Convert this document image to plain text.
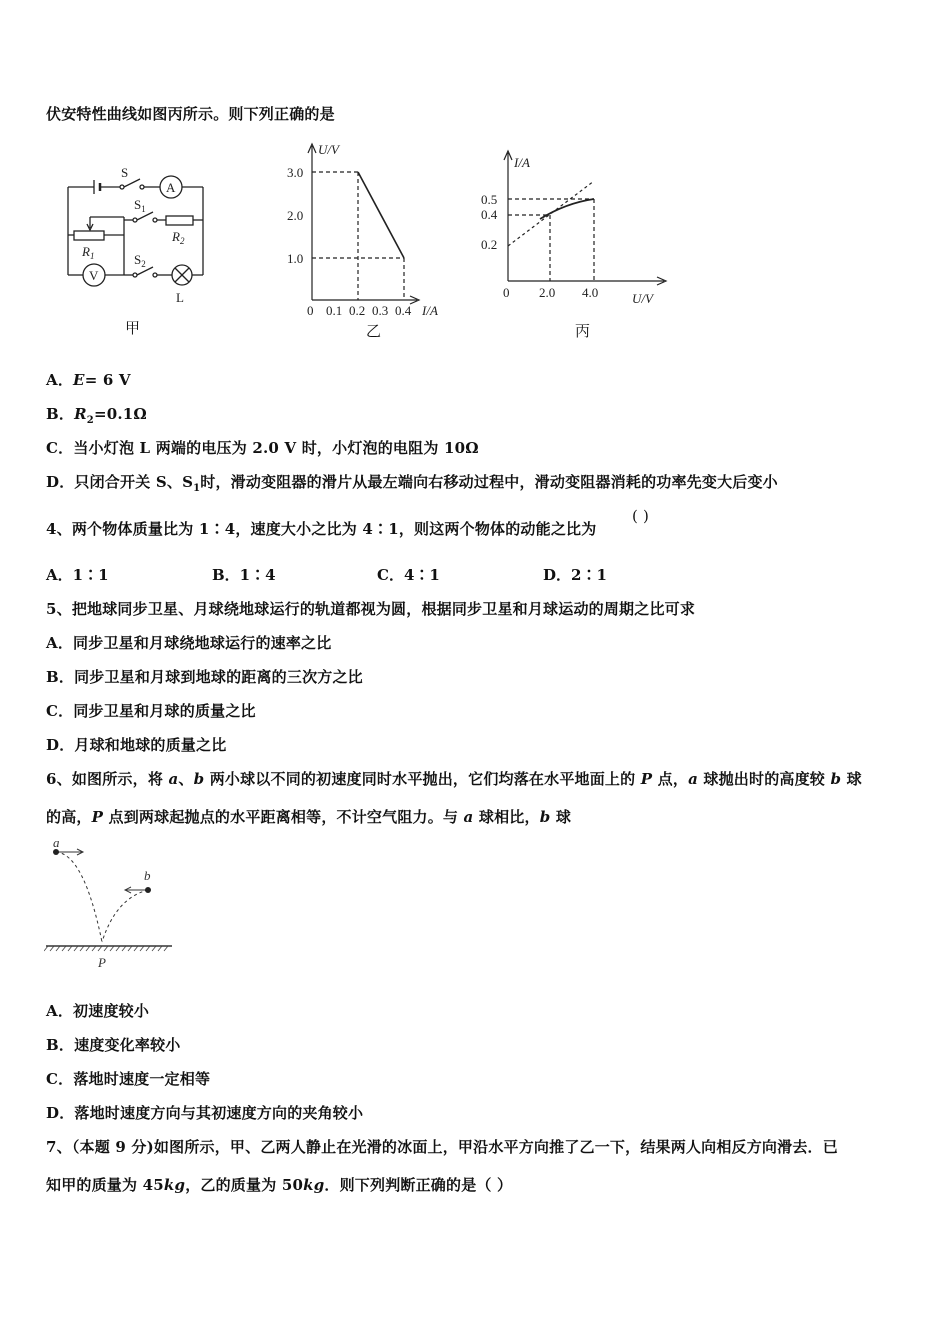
伏安特性曲线如图丙所示。则下列正确的是
S
A
$S_1$
$R_2$
$R_1$
V
$S_2$
L
甲
U/V
3.0
2.0
1.0
0 0.1 0.2 0.3 0.4 I/A
乙
I/A
0.5
0.4
0.2
0 2.0 4.0	U/V
丙
A．E= 6 V
B．$R_2=0.1\Omega$
C．当小灯泡 L 两端的电压为 2.0 V 时，小灯泡的电阻为 10Ω
D．只闭合开关 S、$S_1$时，滑动变阻器的滑片从最左端向右移动过程中，滑动变阻器消耗的功率先变大后变小
4、两个物体质量比为 1∶4，速度大小之比为 4∶1，则这两个物体的动能之比为
( )
A．1∶1	B．1∶4	C．4∶1	D．2∶1
5、把地球同步卫星、月球绕地球运行的轨道都视为圆，根据同步卫星和月球运动的周期之比可求
A．同步卫星和月球绕地球运行的速率之比
B．同步卫星和月球到地球的距离的三次方之比
C．同步卫星和月球的质量之比
D．月球和地球的质量之比
6、如图所示，将 a、b 两小球以不同的初速度同时水平抛出，它们均落在水平地面上的 P 点，a 球抛出时的高度较 b 球
的高，P 点到两球起抛点的水平距离相等，不计空气阻力。与 a 球相比，b 球
a
b
P
A．初速度较小
B．速度变化率较小
C．落地时速度一定相等
D．落地时速度方向与其初速度方向的夹角较小
7、（本题 9 分)如图所示，甲、乙两人静止在光滑的冰面上，甲沿水平方向推了乙一下，结果两人向相反方向滑去．已
知甲的质量为 45kg，乙的质量为 50kg．则下列判断正确的是（ ）
